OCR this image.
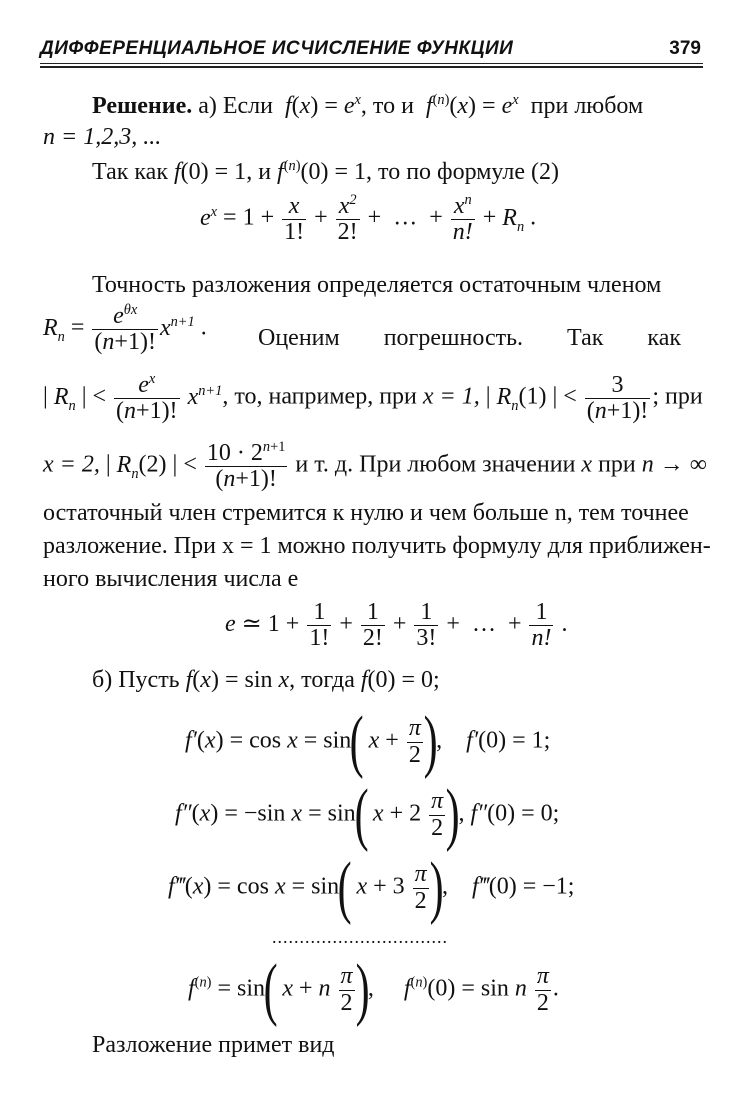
ДИФФЕРЕНЦИАЛЬНОЕ ИСЧИСЛЕНИЕ ФУНКЦИИ	379
Решение. а) Если $f(x) = e^x$, то и $f^{(n)}(x) = e^x$ при любом
n = 1,2,3, ...
Так как f(0) = 1, и $f^{(n)}(0) = 1$, то по формуле (2)
$e^x = 1 + \frac{x}{1!} + \frac{x^2}{2!}$ +  …  + $\frac{x^n}{n!} + R_n$ .
Точность разложения определяется остаточным членом
$R_n = \frac{e^{\theta x}}{(n+1)!} x^{n+1}$ . Оценим погрешность. Так как
| $R_n$ | < $\frac{e^x}{(n+1)!} x^{n+1}$, то, например, при x = 1, | $R_n(1)$ | < $\frac{3}{(n+1)!}$ ; при
x = 2, | $R_n(2)$ | < $\frac{10 \cdot 2^{n+1}}{(n+1)!}$ и т. д. При любом значении x при n → ∞
остаточный член стремится к нулю и чем больше n, тем точнее
разложение. При x = 1 можно получить формулу для приближен-
ного вычисления числа e
e ≃ $1 + \frac{1}{1!} + \frac{1}{2!} + \frac{1}{3!}$ +  …  + $\frac{1}{n!}$ .
б) Пусть f(x) = sin x, тогда f(0) = 0;
f′(x) = cos x = sin( $x + \frac{\pi}{2}$ ),    f′(0) = 1;
f″(x) = −sin x = sin( $x + 2 \frac{\pi}{2}$ ), f″(0) = 0;
f‴(x) = cos x = sin( $x + 3 \frac{\pi}{2}$ ),    f‴(0) = −1;
................................
$f^{(n)} = \sin$( x + n $\frac{\pi}{2}$ ),     $f^{(n)}(0) = \sin n \frac{\pi}{2}$ .
Разложение примет вид
